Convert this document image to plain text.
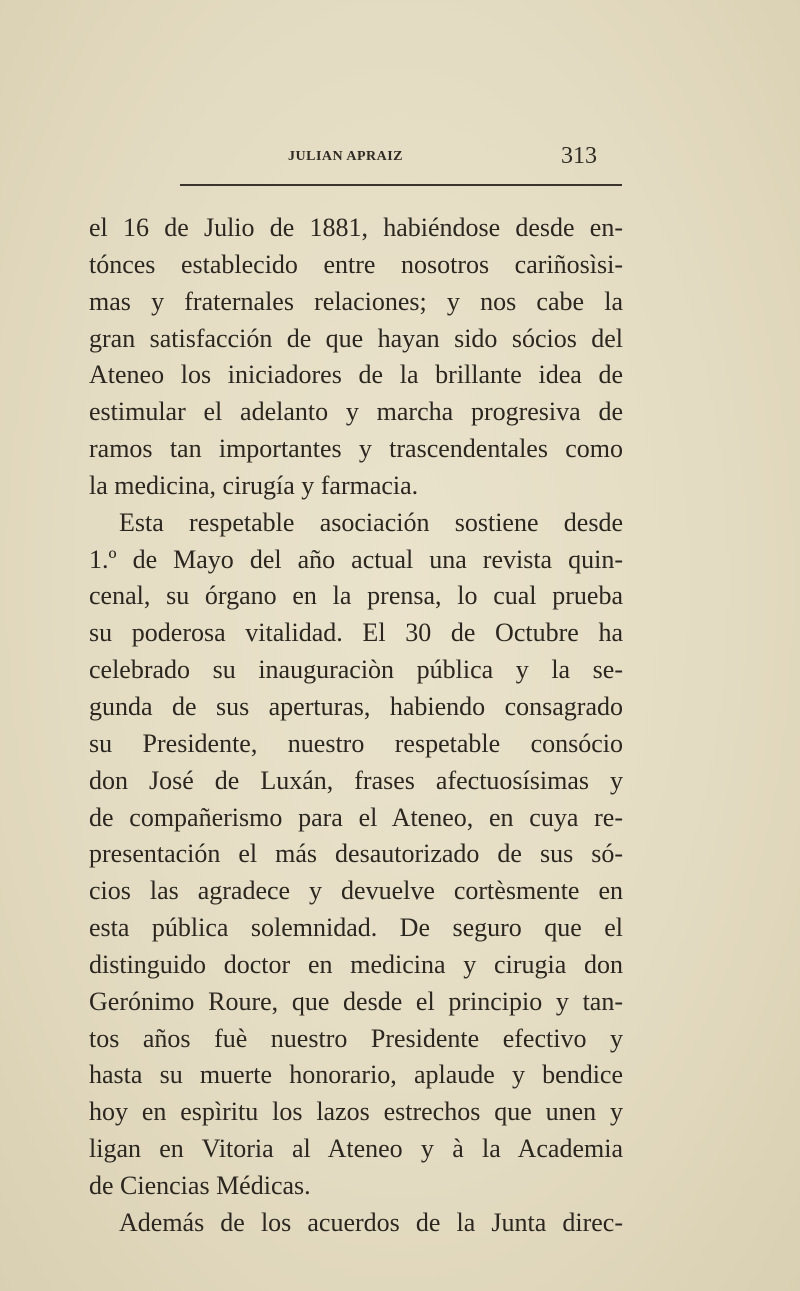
JULIAN APRAIZ	313
el 16 de Julio de 1881, habiéndose desde en-
tónces establecido entre nosotros cariñosìsi-
mas y fraternales relaciones; y nos cabe la
gran satisfacción de que hayan sido sócios del
Ateneo los iniciadores de la brillante idea de
estimular el adelanto y marcha progresiva de
ramos tan importantes y trascendentales como
la medicina, cirugía y farmacia.
Esta respetable asociación sostiene desde
1.º de Mayo del año actual una revista quin-
cenal, su órgano en la prensa, lo cual prueba
su poderosa vitalidad. El 30 de Octubre ha
celebrado su inauguraciòn pública y la se-
gunda de sus aperturas, habiendo consagrado
su Presidente, nuestro respetable consócio
don José de Luxán, frases afectuosísimas y
de compañerismo para el Ateneo, en cuya re-
presentación el más desautorizado de sus só-
cios las agradece y devuelve cortèsmente en
esta pública solemnidad. De seguro que el
distinguido doctor en medicina y cirugia don
Gerónimo Roure, que desde el principio y tan-
tos años fuè nuestro Presidente efectivo y
hasta su muerte honorario, aplaude y bendice
hoy en espìritu los lazos estrechos que unen y
ligan en Vitoria al Ateneo y à la Academia
de Ciencias Médicas.
Además de los acuerdos de la Junta direc-
